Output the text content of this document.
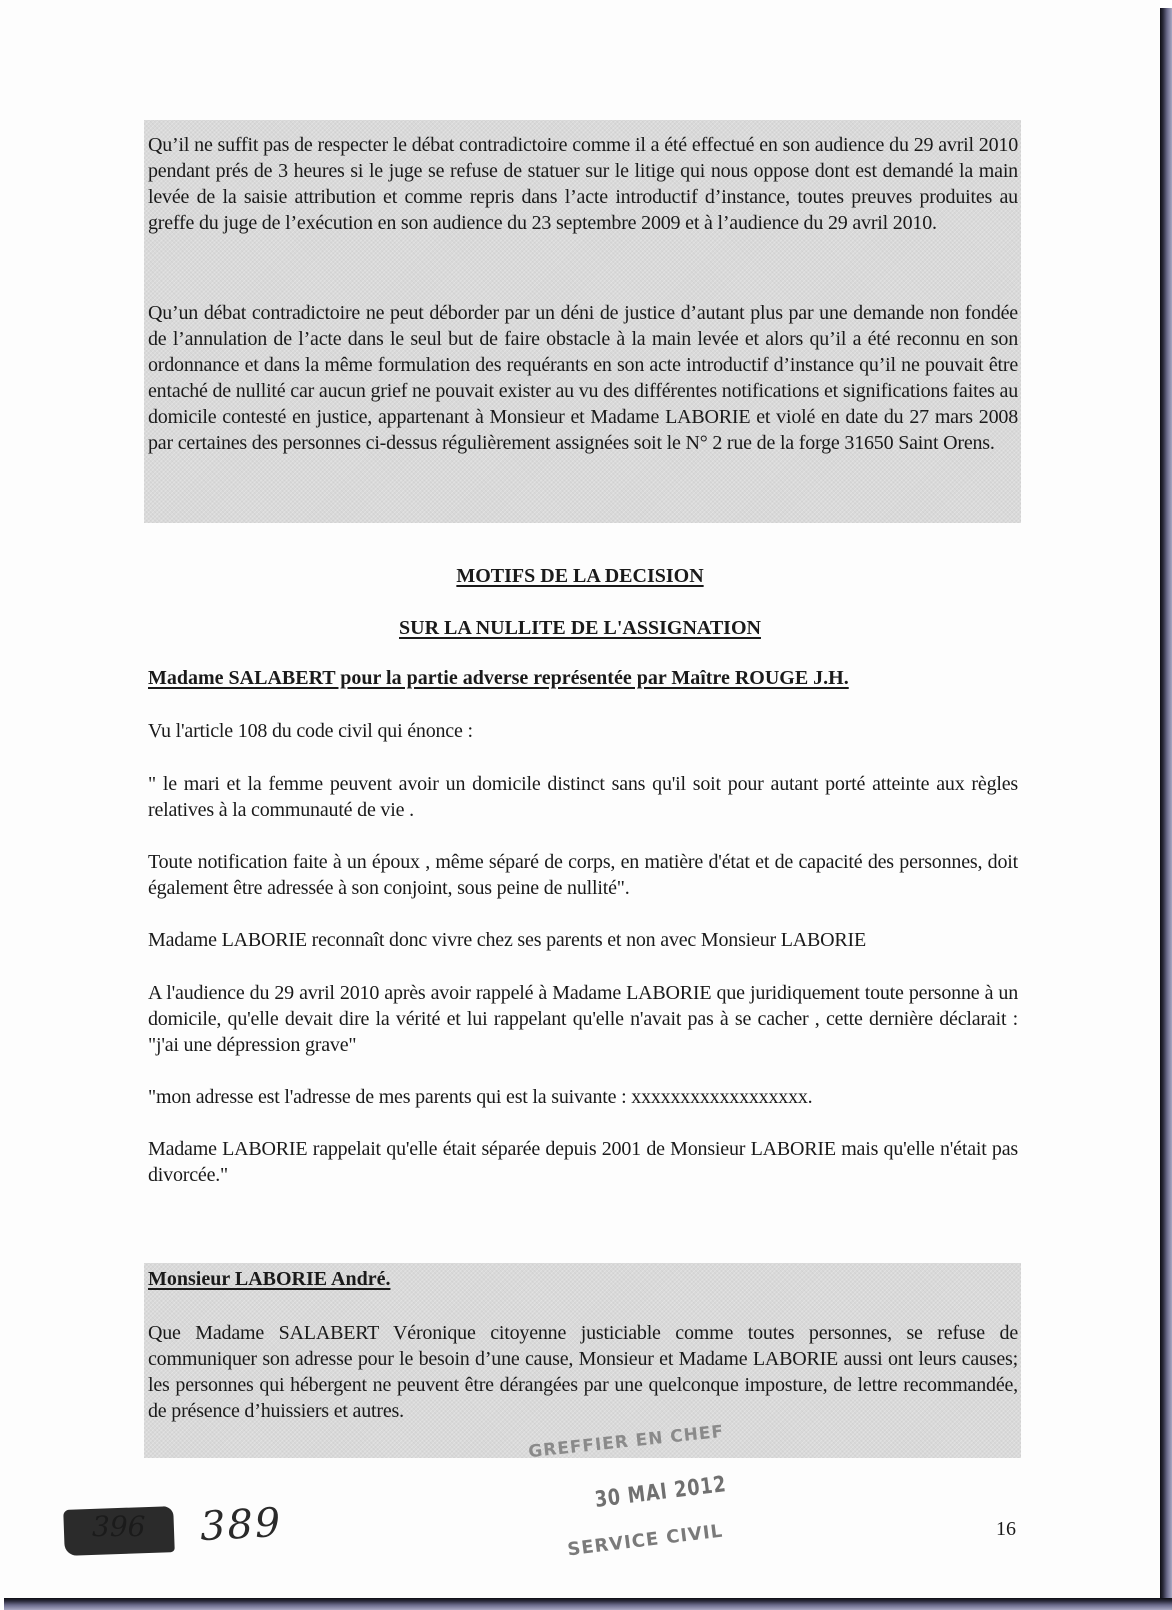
Qu’il ne suffit pas de respecter le débat contradictoire comme il a été effectué en son audience du 29 avril 2010 pendant prés de 3 heures si le juge se refuse de statuer sur le litige qui nous oppose dont est demandé la main levée de la saisie attribution et comme repris dans l’acte introductif d’instance, toutes preuves produites au greffe du juge de l’exécution en son audience du 23 septembre 2009 et à l’audience du 29 avril 2010.

Qu’un débat contradictoire ne peut déborder par un déni de justice d’autant plus par une demande non fondée de l’annulation de l’acte dans le seul but de faire obstacle à la main levée et alors qu’il a été reconnu en son ordonnance et dans la même formulation des requérants en son acte introductif d’instance qu’il ne pouvait être entaché de nullité car aucun grief ne pouvait exister au vu des différentes notifications et significations faites au domicile contesté en justice, appartenant à Monsieur et Madame LABORIE et violé en date du 27 mars 2008 par certaines des personnes ci-dessus régulièrement assignées soit le N° 2 rue de la forge 31650 Saint Orens.

MOTIFS DE LA DECISION
SUR LA NULLITE DE L'ASSIGNATION
Madame SALABERT pour la partie adverse représentée par Maître ROUGE J.H.

Vu l'article 108 du code civil qui énonce :

" le mari et la femme peuvent avoir un domicile distinct sans qu'il soit pour autant porté atteinte aux règles relatives à la communauté de vie .

Toute notification faite à un époux , même séparé de corps, en matière d'état et de capacité des personnes, doit également être adressée à son conjoint, sous peine de nullité".

Madame LABORIE reconnaît donc vivre chez ses parents et non avec Monsieur LABORIE

A l'audience du 29 avril 2010 après avoir rappelé à Madame LABORIE que juridiquement toute personne à un domicile, qu'elle devait dire la vérité et lui rappelant qu'elle n'avait pas à se cacher , cette dernière déclarait : "j'ai une dépression grave"

"mon adresse est l'adresse de mes parents qui est la suivante : xxxxxxxxxxxxxxxxxx.

Madame LABORIE rappelait qu'elle était séparée depuis 2001 de Monsieur LABORIE mais qu'elle n'était pas divorcée."

Monsieur LABORIE André.

Que Madame SALABERT Véronique citoyenne justiciable comme toutes personnes, se refuse de communiquer son adresse pour le besoin d’une cause, Monsieur et Madame LABORIE aussi ont leurs causes; les personnes qui hébergent ne peuvent être dérangées par une quelconque imposture, de lettre recommandée, de présence d’huissiers et autres.

GREFFIER EN CHEF
30 MAI 2012
SERVICE CIVIL
396 389	16
